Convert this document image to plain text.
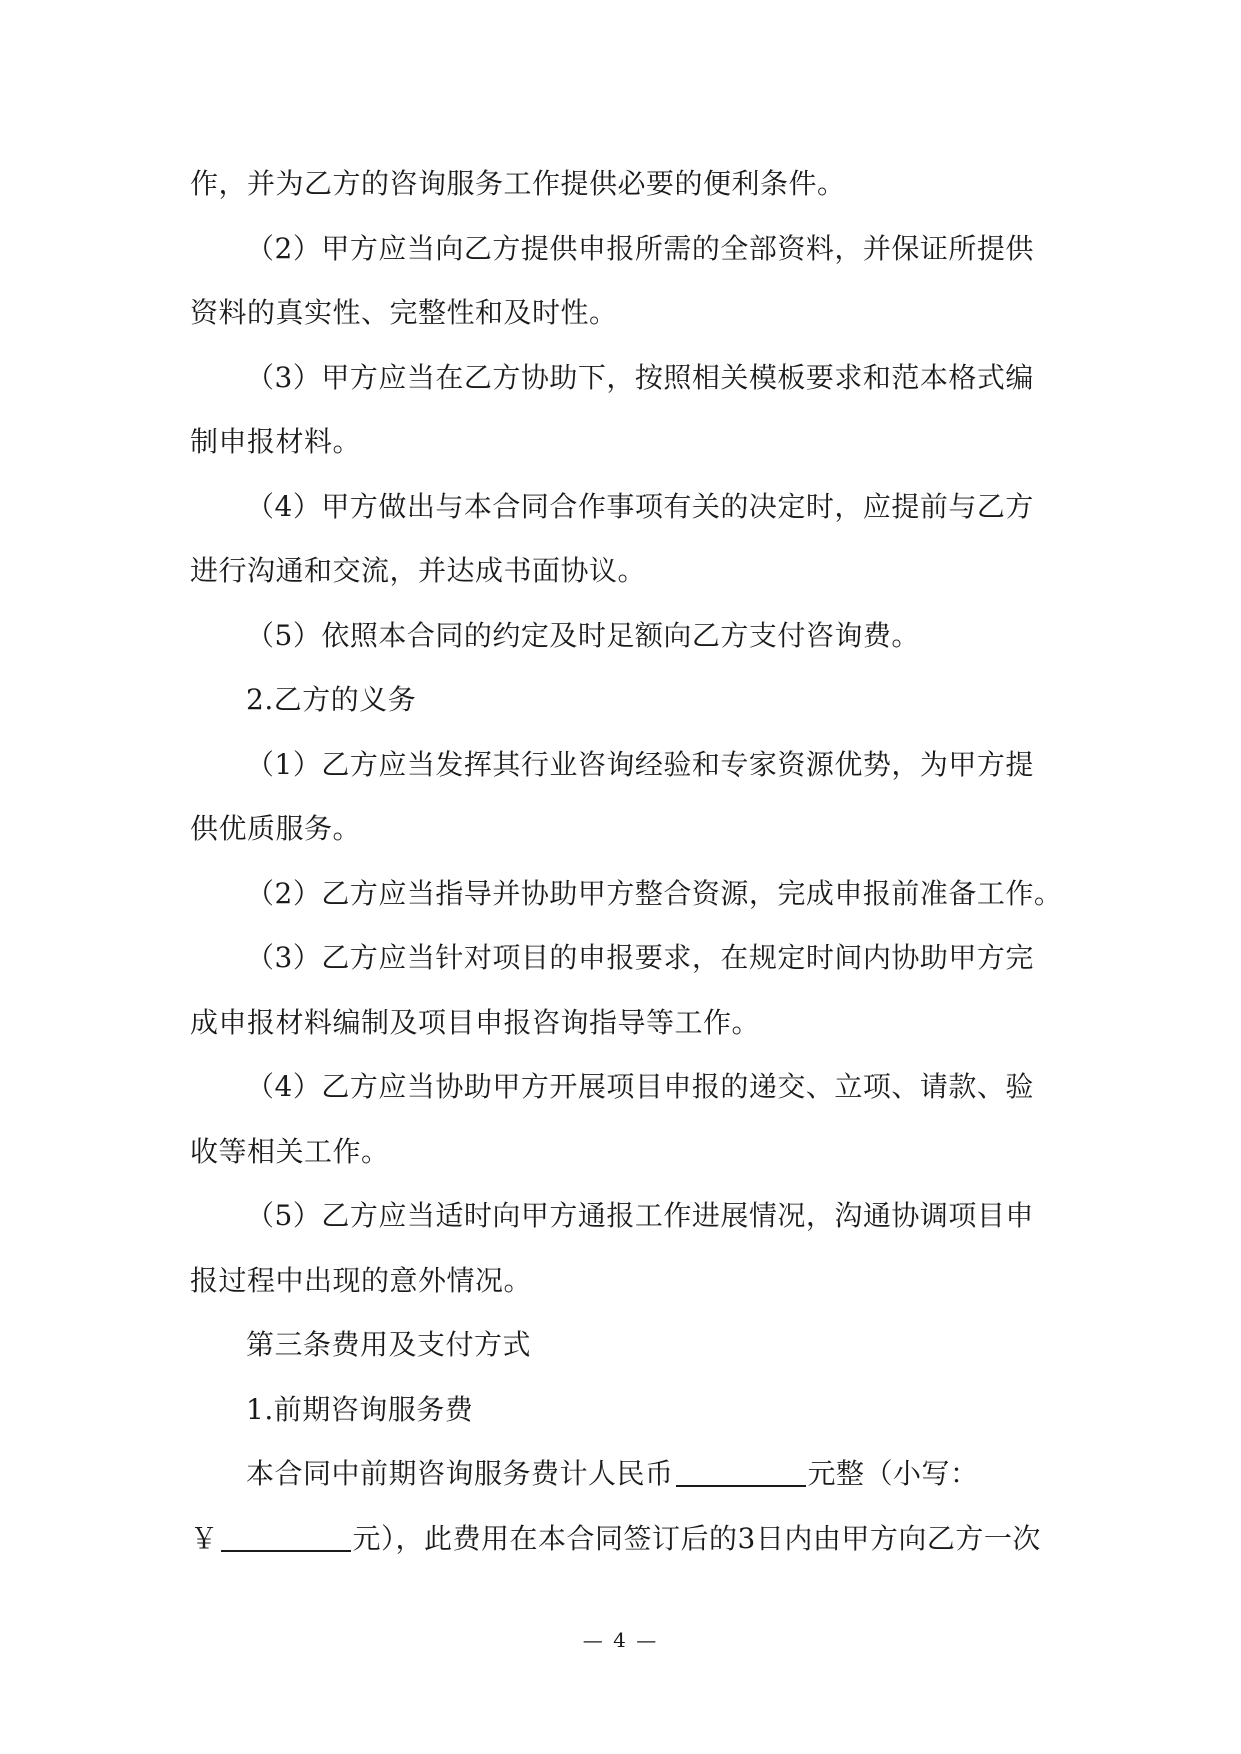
作，并为乙方的咨询服务工作提供必要的便利条件。
（2）甲方应当向乙方提供申报所需的全部资料，并保证所提供
资料的真实性、完整性和及时性。
（3）甲方应当在乙方协助下，按照相关模板要求和范本格式编
制申报材料。
（4）甲方做出与本合同合作事项有关的决定时，应提前与乙方
进行沟通和交流，并达成书面协议。
（5）依照本合同的约定及时足额向乙方支付咨询费。
2.乙方的义务
（1）乙方应当发挥其行业咨询经验和专家资源优势，为甲方提
供优质服务。
（2）乙方应当指导并协助甲方整合资源，完成申报前准备工作。
（3）乙方应当针对项目的申报要求，在规定时间内协助甲方完
成申报材料编制及项目申报咨询指导等工作。
（4）乙方应当协助甲方开展项目申报的递交、立项、请款、验
收等相关工作。
（5）乙方应当适时向甲方通报工作进展情况，沟通协调项目申
报过程中出现的意外情况。
第三条费用及支付方式
1.前期咨询服务费
本合同中前期咨询服务费计人民币	元整（小写：
￥	元），此费用在本合同签订后的3日内由甲方向乙方一次
— 4 —
